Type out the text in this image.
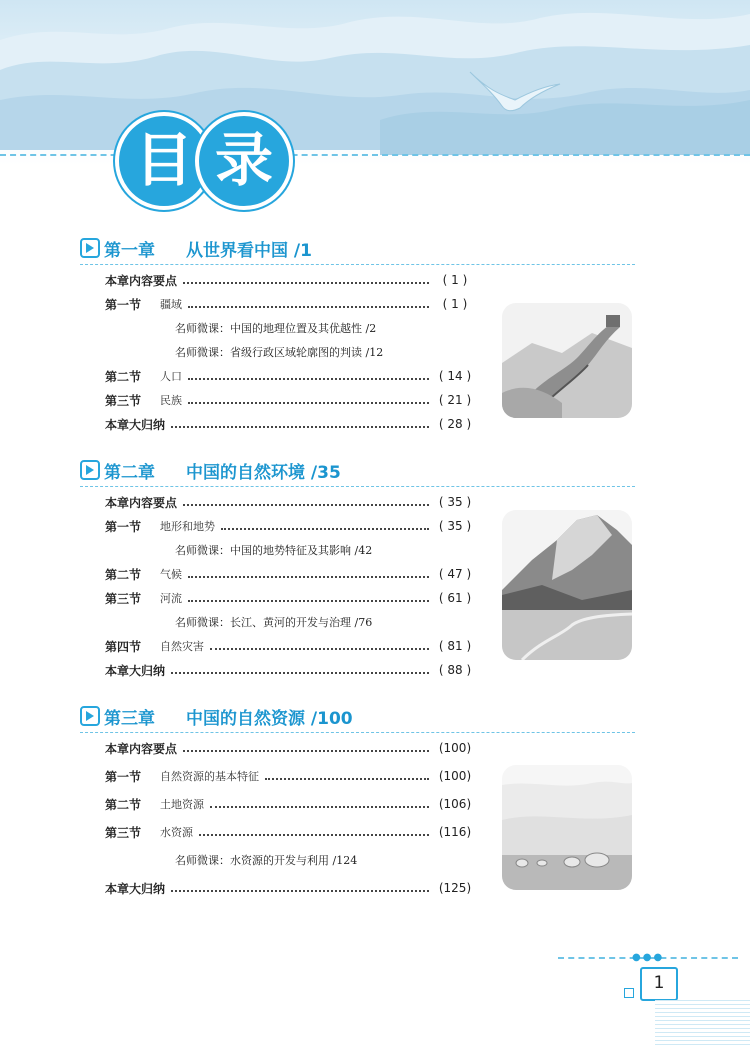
目 录
第一章	从世界看中国 /1
本章内容要点	( 1 )
第一节	疆域	( 1 )
名师微课：中国的地理位置及其优越性 /2
名师微课：省级行政区域轮廓图的判读 /12
第二节	人口	( 14 )
第三节	民族	( 21 )
本章大归纳	( 28 )
第二章	中国的自然环境 /35
本章内容要点	( 35 )
第一节	地形和地势	( 35 )
名师微课：中国的地势特征及其影响 /42
第二节	气候	( 47 )
第三节	河流	( 61 )
名师微课：长江、黄河的开发与治理 /76
第四节	自然灾害	( 81 )
本章大归纳	( 88 )
第三章	中国的自然资源 /100
本章内容要点	(100)
第一节	自然资源的基本特征	(100)
第二节	土地资源	(106)
第三节	水资源	(116)
名师微课：水资源的开发与利用 /124
本章大归纳	(125)
●●●
1
